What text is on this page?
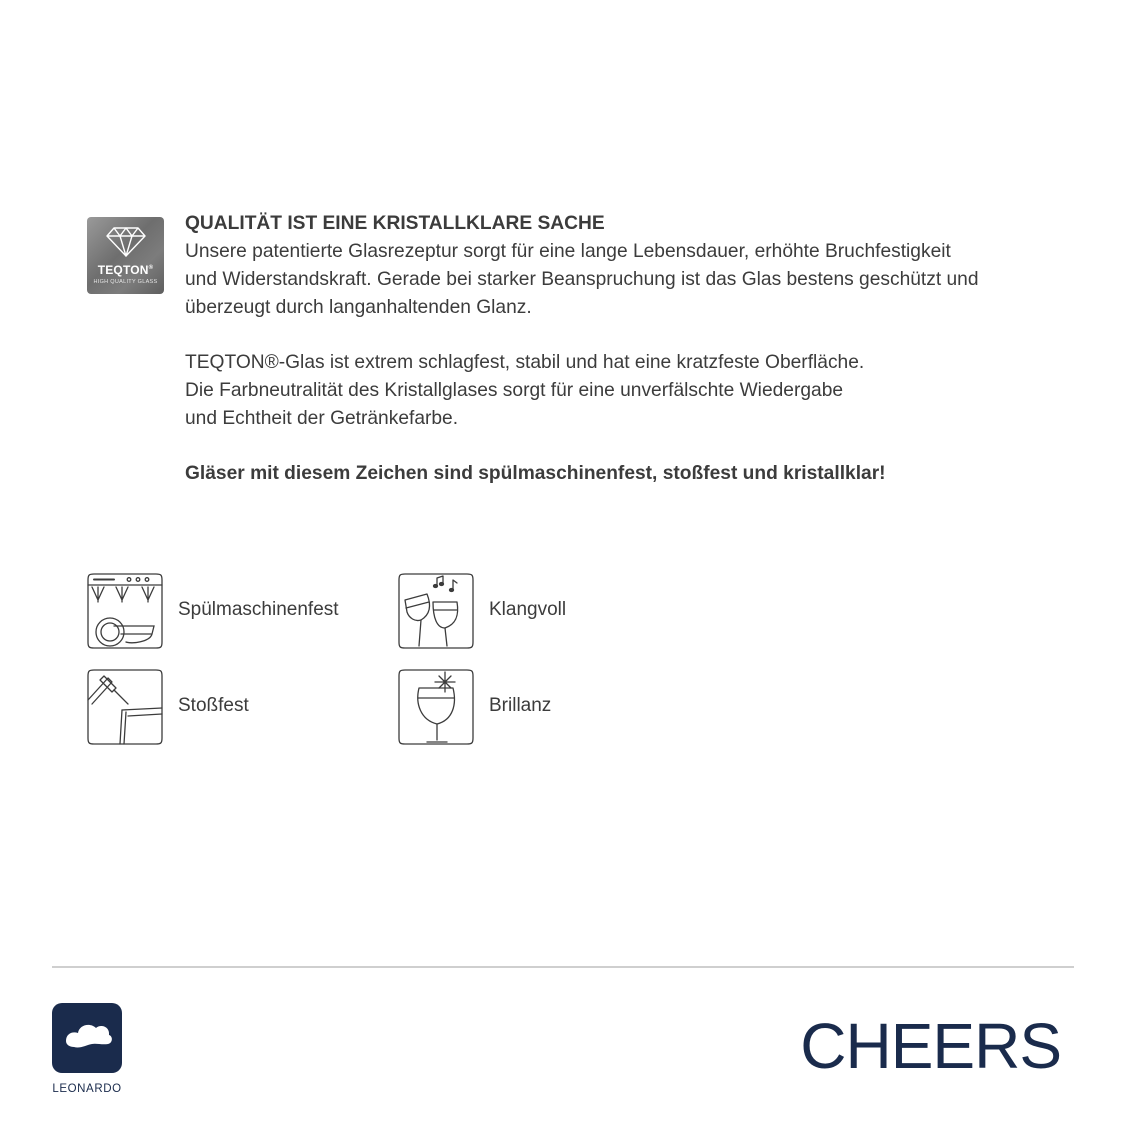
TEQTON®
HIGH QUALITY GLASS

QUALITÄT IST EINE KRISTALLKLARE SACHE

Unsere patentierte Glasrezeptur sorgt für eine lange Lebensdauer, erhöhte Bruchfestigkeit

und Widerstandskraft. Gerade bei starker Beanspruchung ist das Glas bestens geschützt und

überzeugt durch langanhaltenden Glanz.

TEQTON®-Glas ist extrem schlagfest, stabil und hat eine kratzfeste Oberfläche.

Die Farbneutralität des Kristallglases sorgt für eine unverfälschte Wiedergabe

und Echtheit der Getränkefarbe.

Gläser mit diesem Zeichen sind spülmaschinenfest, stoßfest und kristallklar!

Spülmaschinenfest	Klangvoll
Stoßfest	Brillanz
LEONARDO
CHEERS
